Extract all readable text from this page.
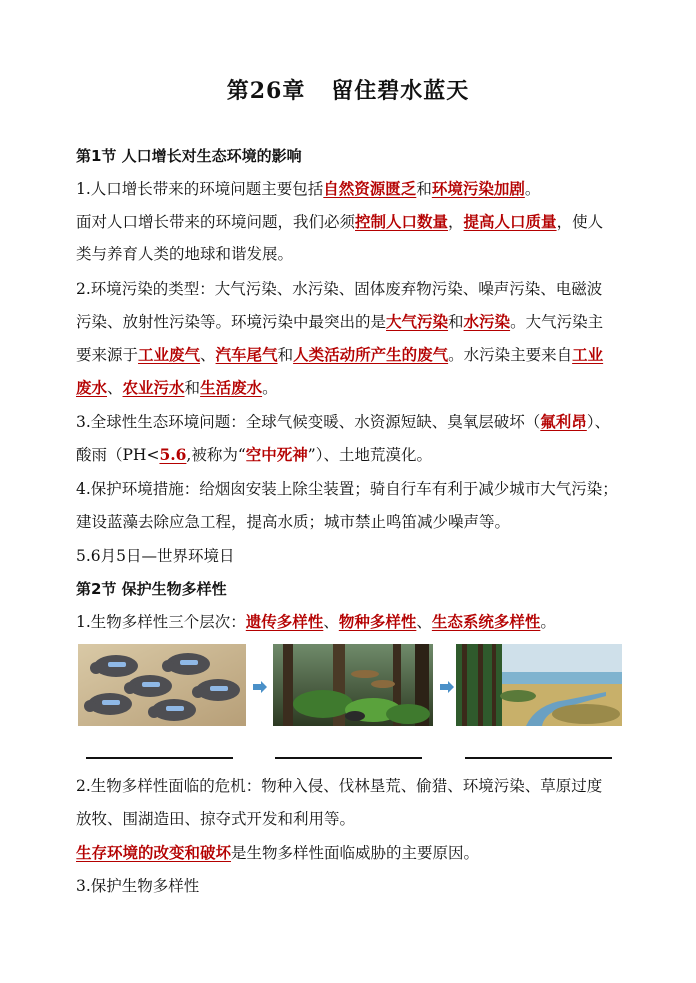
第26章   留住碧水蓝天
第1节 人口增长对生态环境的影响
1.人口增长带来的环境问题主要包括自然资源匮乏和环境污染加剧。
面对人口增长带来的环境问题，我们必须控制人口数量，提高人口质量，使人
类与养育人类的地球和谐发展。
2.环境污染的类型：大气污染、水污染、固体废弃物污染、噪声污染、电磁波
污染、放射性污染等。环境污染中最突出的是大气污染和水污染。大气污染主
要来源于工业废气、汽车尾气和人类活动所产生的废气。水污染主要来自工业
废水、农业污水和生活废水。
3.全球性生态环境问题：全球气候变暖、水资源短缺、臭氧层破坏（氟利昂）、
酸雨（PH<5.6,被称为“空中死神”）、土地荒漠化。
4.保护环境措施：给烟囱安装上除尘装置；骑自行车有利于减少城市大气污染；
建设蓝藻去除应急工程，提高水质；城市禁止鸣笛减少噪声等。
5.6月5日—世界环境日
第2节 保护生物多样性
1.生物多样性三个层次：遗传多样性、物种多样性、生态系统多样性。
2.生物多样性面临的危机：物种入侵、伐林垦荒、偷猎、环境污染、草原过度
放牧、围湖造田、掠夺式开发和利用等。
生存环境的改变和破坏是生物多样性面临威胁的主要原因。
3.保护生物多样性
